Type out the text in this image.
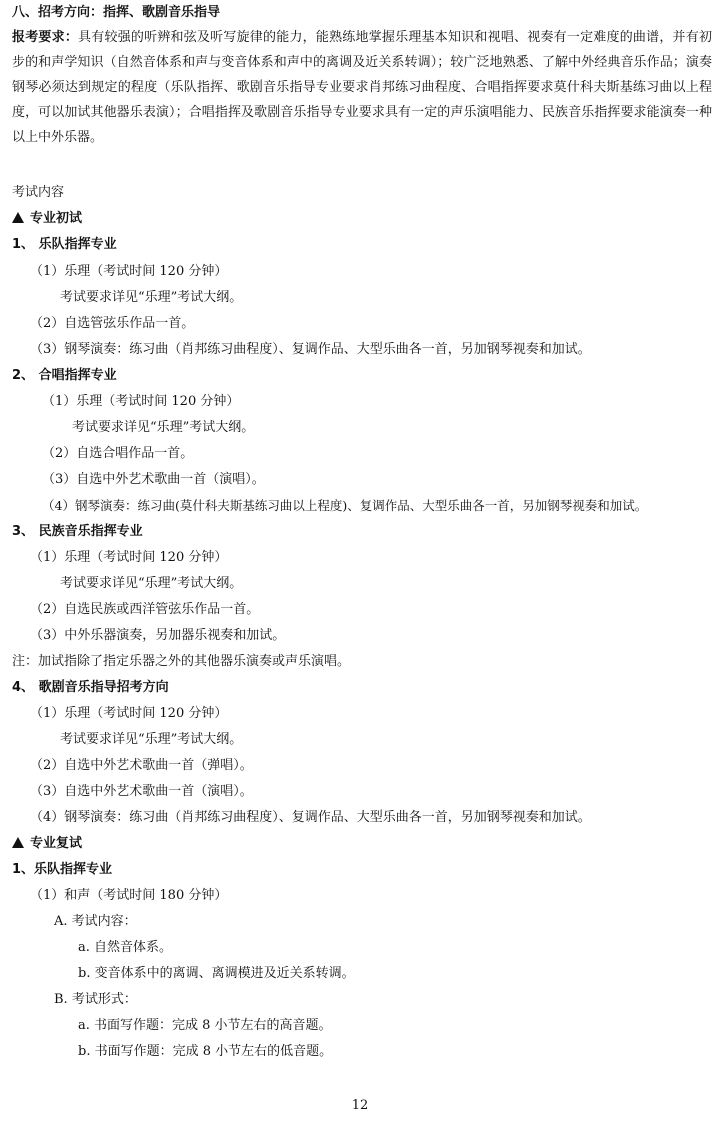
八、招考方向：指挥、歌剧音乐指导
报考要求：具有较强的听辨和弦及听写旋律的能力，能熟练地掌握乐理基本知识和视唱、视奏有一定难度的曲谱，并有初步的和声学知识（自然音体系和声与变音体系和声中的离调及近关系转调）；较广泛地熟悉、了解中外经典音乐作品；演奏钢琴必须达到规定的程度（乐队指挥、歌剧音乐指导专业要求肖邦练习曲程度、合唱指挥要求莫什科夫斯基练习曲以上程度，可以加试其他器乐表演）；合唱指挥及歌剧音乐指导专业要求具有一定的声乐演唱能力、民族音乐指挥要求能演奏一种以上中外乐器。
考试内容
专业初试
1、 乐队指挥专业
（1）乐理（考试时间 120 分钟）
考试要求详见“乐理”考试大纲。
（2）自选管弦乐作品一首。
（3）钢琴演奏：练习曲（肖邦练习曲程度）、复调作品、大型乐曲各一首，另加钢琴视奏和加试。
2、 合唱指挥专业
（1）乐理（考试时间 120 分钟）
考试要求详见“乐理”考试大纲。
（2）自选合唱作品一首。
（3）自选中外艺术歌曲一首（演唱）。
（4）钢琴演奏：练习曲(莫什科夫斯基练习曲以上程度)、复调作品、大型乐曲各一首，另加钢琴视奏和加试。
3、 民族音乐指挥专业
（1）乐理（考试时间 120 分钟）
考试要求详见“乐理”考试大纲。
（2）自选民族或西洋管弦乐作品一首。
（3）中外乐器演奏，另加器乐视奏和加试。
注：加试指除了指定乐器之外的其他器乐演奏或声乐演唱。
4、 歌剧音乐指导招考方向
（1）乐理（考试时间 120 分钟）
考试要求详见“乐理”考试大纲。
（2）自选中外艺术歌曲一首（弹唱）。
（3）自选中外艺术歌曲一首（演唱）。
（4）钢琴演奏：练习曲（肖邦练习曲程度）、复调作品、大型乐曲各一首，另加钢琴视奏和加试。
专业复试
1、乐队指挥专业
（1）和声（考试时间 180 分钟）
A. 考试内容：
a. 自然音体系。
b. 变音体系中的离调、离调模进及近关系转调。
B. 考试形式：
a. 书面写作题：完成 8 小节左右的高音题。
b. 书面写作题：完成 8 小节左右的低音题。
12
